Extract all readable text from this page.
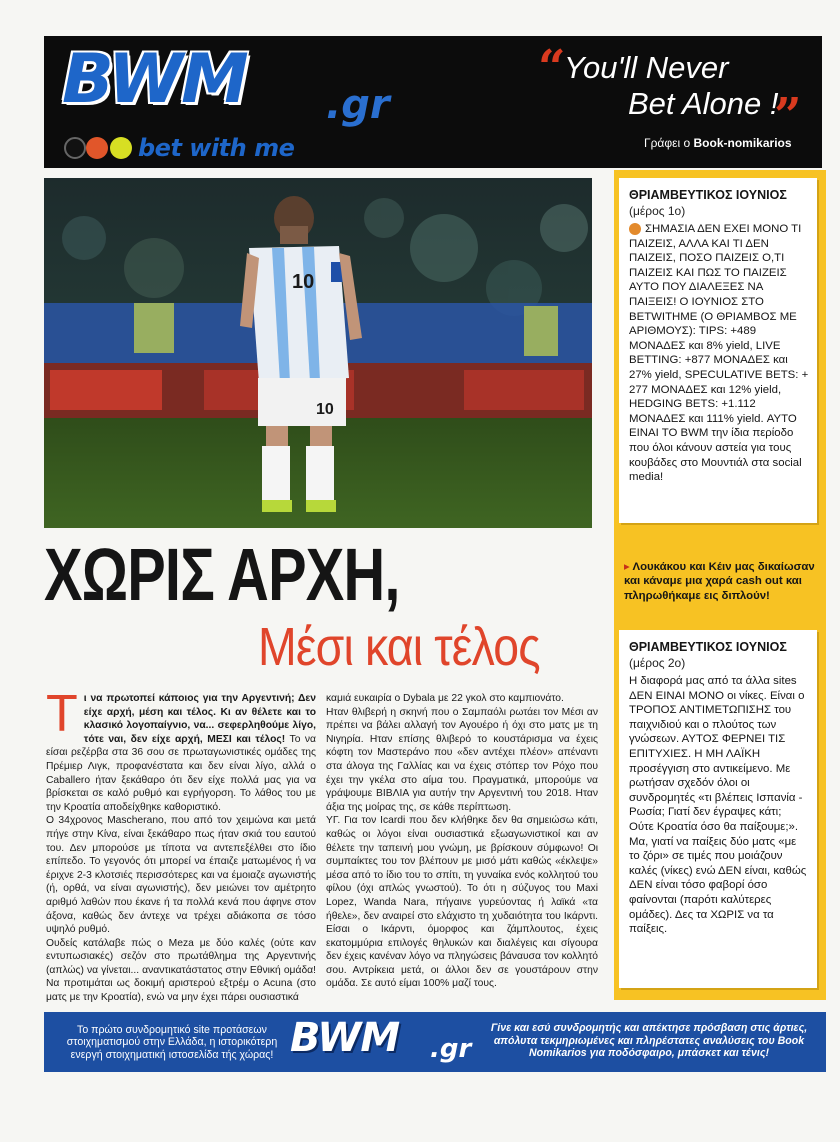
BWM .gr
bet with me
“
You'll Never
Bet Alone !
”
Γράφει ο Book-nomikarios
10
10
ΧΩΡΙΣ ΑΡΧΗ,
Μέσι και τέλος

Τι να πρωτοπεί κάποιος για την Αργεντινή; Δεν είχε αρχή, μέση και τέλος. Κι αν θέλετε και το κλασικό λογοπαίγνιο, να... σεφερληθούμε λίγο, τότε ναι, δεν είχε αρχή, ΜΕΣΙ και τέλος! Το να είσαι ρεζέρβα στα 36 σου σε πρωταγωνιστικές ομάδες της Πρέμιερ Λιγκ, προφανέστατα και δεν είναι λίγο, αλλά ο Caballero ήταν ξεκάθαρο ότι δεν είχε πολλά μας για να βρίσκεται σε καλό ρυθμό και εγρήγορση. Το λάθος του με την Κροατία αποδείχθηκε καθοριστικό.

Ο 34χρονος Mascherano, που από τον χειμώνα και μετά πήγε στην Κίνα, είναι ξεκάθαρο πως ήταν σκιά του εαυτού του. Δεν μπορούσε με τίποτα να αντεπεξέλθει στο ίδιο επίπεδο. Το γεγονός ότι μπορεί να έπαιζε ματωμένος ή να έριχνε 2-3 κλοτσιές περισσότερες και να έμοιαζε αγωνιστής (ή, ορθά, να είναι αγωνιστής), δεν μειώνει τον αμέτρητο αριθμό λαθών που έκανε ή τα πολλά κενά που άφηνε στον άξονα, καθώς δεν άντεχε να τρέχει αδιάκοπα σε τόσο υψηλό ρυθμό.

Ουδείς κατάλαβε πώς ο Meza με δύο καλές (ούτε καν εντυπωσιακές) σεζόν στο πρωτάθλημα της Αργεντινής (απλώς) να γίνεται... αναντικατάστατος στην Εθνική ομάδα! Να προτιμάται ως δοκιμή αριστερού εξτρέμ ο Acuna (στο ματς με την Κροατία), ενώ να μην έχει πάρει ουσιαστικά

καμιά ευκαιρία ο Dybala με 22 γκολ στο καμπιονάτο.

Ηταν θλιβερή η σκηνή που ο Σαμπαόλι ρωτάει τον Μέσι αν πρέπει να βάλει αλλαγή τον Αγουέρο ή όχι στο ματς με τη Νιγηρία. Ηταν επίσης θλιβερό το κουστάρισμα να έχεις κόφτη τον Μαστεράνο που «δεν αντέχει πλέον» απέναντι στα άλογα της Γαλλίας και να έχεις στόπερ τον Ρόχο που έχει την γκέλα στο αίμα του. Πραγματικά, μπορούμε να γράψουμε ΒΙΒΛΙΑ για αυτήν την Αργεντινή του 2018. Ηταν άξια της μοίρας της, σε κάθε περίπτωση.

ΥΓ. Για τον Icardi που δεν κλήθηκε δεν θα σημειώσω κάτι, καθώς οι λόγοι είναι ουσιαστικά εξωαγωνιστικοί και αν θέλετε την ταπεινή μου γνώμη, με βρίσκουν σύμφωνο! Οι συμπαίκτες του τον βλέπουν με μισό μάτι καθώς «έκλεψε» μέσα από το ίδιο του το σπίτι, τη γυναίκα ενός κολλητού του φίλου (όχι απλώς γνωστού). Το ότι η σύζυγος του Maxi Lopez, Wanda Nara, πήγαινε γυρεύοντας ή λαϊκά «τα ήθελε», δεν αναιρεί στο ελάχιστο τη χυδαιότητα του Ικάρντι. Είσαι ο Ικάρντι, όμορφος και ζάμπλουτος, έχεις εκατομμύρια επιλογές θηλυκών και διαλέγεις και σίγουρα δεν έχεις κανέναν λόγο να πληγώσεις βάναυσα τον κολλητό σου. Αντρίκεια μετά, οι άλλοι δεν σε γουστάρουν στην ομάδα. Σε αυτό είμαι 100% μαζί τους.

ΘΡΙΑΜΒΕΥΤΙΚΟΣ ΙΟΥΝΙΟΣ
(μέρος 1ο)
ΣΗΜΑΣΙΑ ΔΕΝ ΕΧΕΙ ΜΟΝΟ ΤΙ ΠΑΙΖΕΙΣ, ΑΛΛΑ ΚΑΙ ΤΙ ΔΕΝ ΠΑΙΖΕΙΣ, ΠΟΣΟ ΠΑΙΖΕΙΣ Ο,ΤΙ ΠΑΙΖΕΙΣ ΚΑΙ ΠΩΣ ΤΟ ΠΑΙΖΕΙΣ ΑΥΤΟ ΠΟΥ ΔΙΑΛΕΞΕΣ ΝΑ ΠΑΙΞΕΙΣ! Ο ΙΟΥΝΙΟΣ ΣΤΟ BETWITHME (Ο ΘΡΙΑΜΒΟΣ ΜΕ ΑΡΙΘΜΟΥΣ): TIPS: +489 ΜΟΝΑΔΕΣ και 8% yield, LIVE BETTING: +877 ΜΟΝΑΔΕΣ και 27% yield, SPECULATIVE BETS: + 277 ΜΟΝΑΔΕΣ και 12% yield, HEDGING BETS: +1.112 ΜΟΝΑΔΕΣ και 111% yield. ΑΥΤΟ ΕΙΝΑΙ ΤΟ BWM την ίδια περίοδο που όλοι κάνουν αστεία για τους κουβάδες στο Μουντιάλ στα social media!
▸ Λουκάκου και Κέιν μας δικαίωσαν και κάναμε μια χαρά cash out και πληρωθήκαμε εις διπλούν!
ΘΡΙΑΜΒΕΥΤΙΚΟΣ ΙΟΥΝΙΟΣ
(μέρος 2ο)
Η διαφορά μας από τα άλλα sites ΔΕΝ ΕΙΝΑΙ ΜΟΝΟ οι νίκες. Είναι ο ΤΡΟΠΟΣ ΑΝΤΙΜΕΤΩΠΙΣΗΣ του παιχνιδιού και ο πλούτος των γνώσεων. ΑΥΤΟΣ ΦΕΡΝΕΙ ΤΙΣ ΕΠΙΤΥΧΙΕΣ. Η ΜΗ ΛΑΪΚΗ προσέγγιση στο αντικείμενο. Με ρωτήσαν σχεδόν όλοι οι συνδρομητές «τι βλέπεις Ισπανία - Ρωσία; Γιατί δεν έγραψες κάτι; Ούτε Κροατία όσο θα παίξουμε;». Μα, γιατί να παίξεις δύο ματς «με το ζόρι» σε τιμές που μοιάζουν καλές (νίκες) ενώ ΔΕΝ είναι, καθώς ΔΕΝ είναι τόσο φαβορί όσο φαίνονται (παρότι καλύτερες ομάδες). Δες τα ΧΩΡΙΣ να τα παίξεις.
Το πρώτο συνδρομητικό site προτάσεων στοιχηματισμού στην Ελλάδα, η ιστορικότερη ενεργή στοιχηματική ιστοσελίδα τής χώρας! BWM .gr
Γίνε και εσύ συνδρομητής και απέκτησε πρόσβαση στις άρτιες, απόλυτα τεκμηριωμένες και πληρέστατες αναλύσεις του Book Nomikarios για ποδόσφαιρο, μπάσκετ και τένις!
